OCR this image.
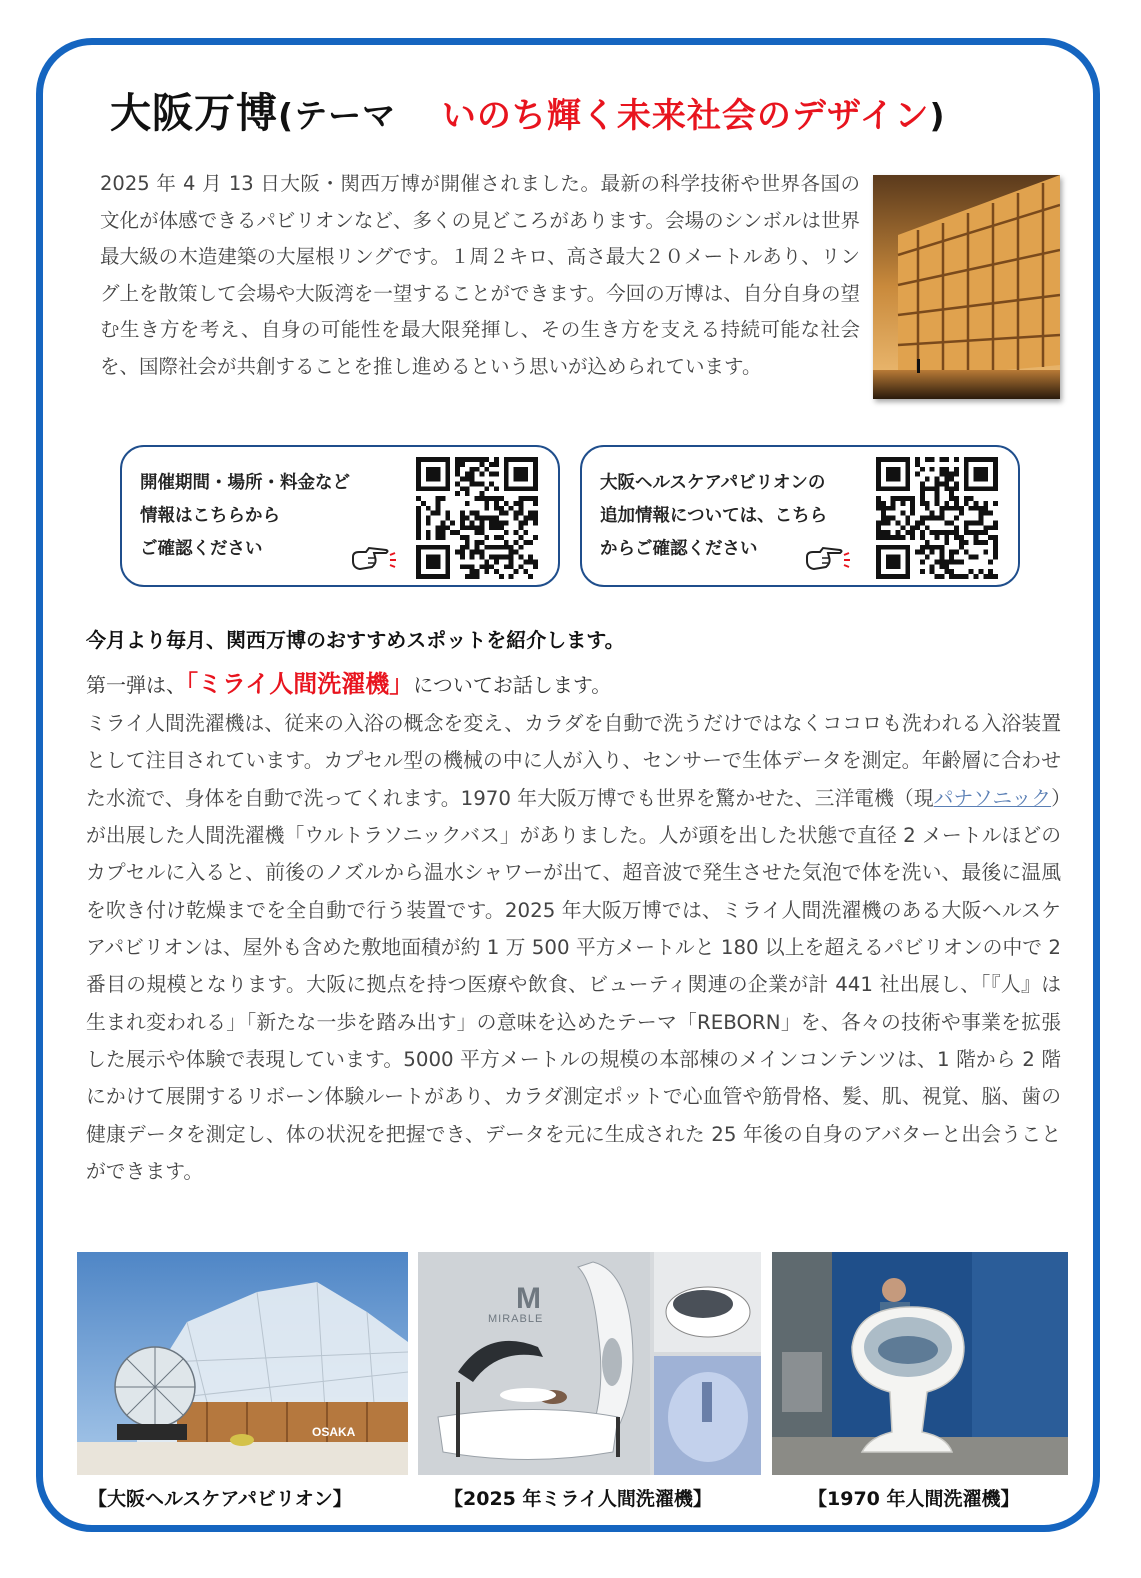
大阪万博(テーマ いのち輝く未来社会のデザイン)
2025 年 4 月 13 日大阪・関西万博が開催されました。最新の科学技術や世界各国の文化が体感できるパビリオンなど、多くの見どころがあります。会場のシンボルは世界最大級の木造建築の大屋根リングです。１周２キロ、高さ最大２０メートルあり、リング上を散策して会場や大阪湾を一望することができます。今回の万博は、自分自身の望む生き方を考え、自身の可能性を最大限発揮し、その生き方を支える持続可能な社会を、国際社会が共創することを推し進めるという思いが込められています。
開催期間・場所・料金など
情報はこちらから
ご確認ください
大阪ヘルスケアパビリオンの
追加情報については、こちら
からご確認ください
今月より毎月、関西万博のおすすめスポットを紹介します。
第一弾は、「ミライ人間洗濯機」についてお話します。
ミライ人間洗濯機は、従来の入浴の概念を変え、カラダを自動で洗うだけではなくココロも洗われる入浴装置として注目されています。カプセル型の機械の中に人が入り、センサーで生体データを測定。年齢層に合わせた水流で、身体を自動で洗ってくれます。1970 年大阪万博でも世界を驚かせた、三洋電機（現パナソニック）が出展した人間洗濯機「ウルトラソニックバス」がありました。人が頭を出した状態で直径 2 メートルほどのカプセルに入ると、前後のノズルから温水シャワーが出て、超音波で発生させた気泡で体を洗い、最後に温風を吹き付け乾燥までを全自動で行う装置です。2025 年大阪万博では、ミライ人間洗濯機のある大阪ヘルスケアパビリオンは、屋外も含めた敷地面積が約 1 万 500 平方メートルと 180 以上を超えるパビリオンの中で 2 番目の規模となります。大阪に拠点を持つ医療や飲食、ビューティ関連の企業が計 441 社出展し、「『人』は生まれ変われる」「新たな一歩を踏み出す」の意味を込めたテーマ「REBORN」を、各々の技術や事業を拡張した展示や体験で表現しています。5000 平方メートルの規模の本部棟のメインコンテンツは、1 階から 2 階にかけて展開するリボーン体験ルートがあり、カラダ測定ポットで心血管や筋骨格、髪、肌、視覚、脳、歯の健康データを測定し、体の状況を把握でき、データを元に生成された 25 年後の自身のアバターと出会うことができます。
OSAKA
M
MIRABLE
【大阪ヘルスケアパビリオン】	【2025 年ミライ人間洗濯機】	【1970 年人間洗濯機】
